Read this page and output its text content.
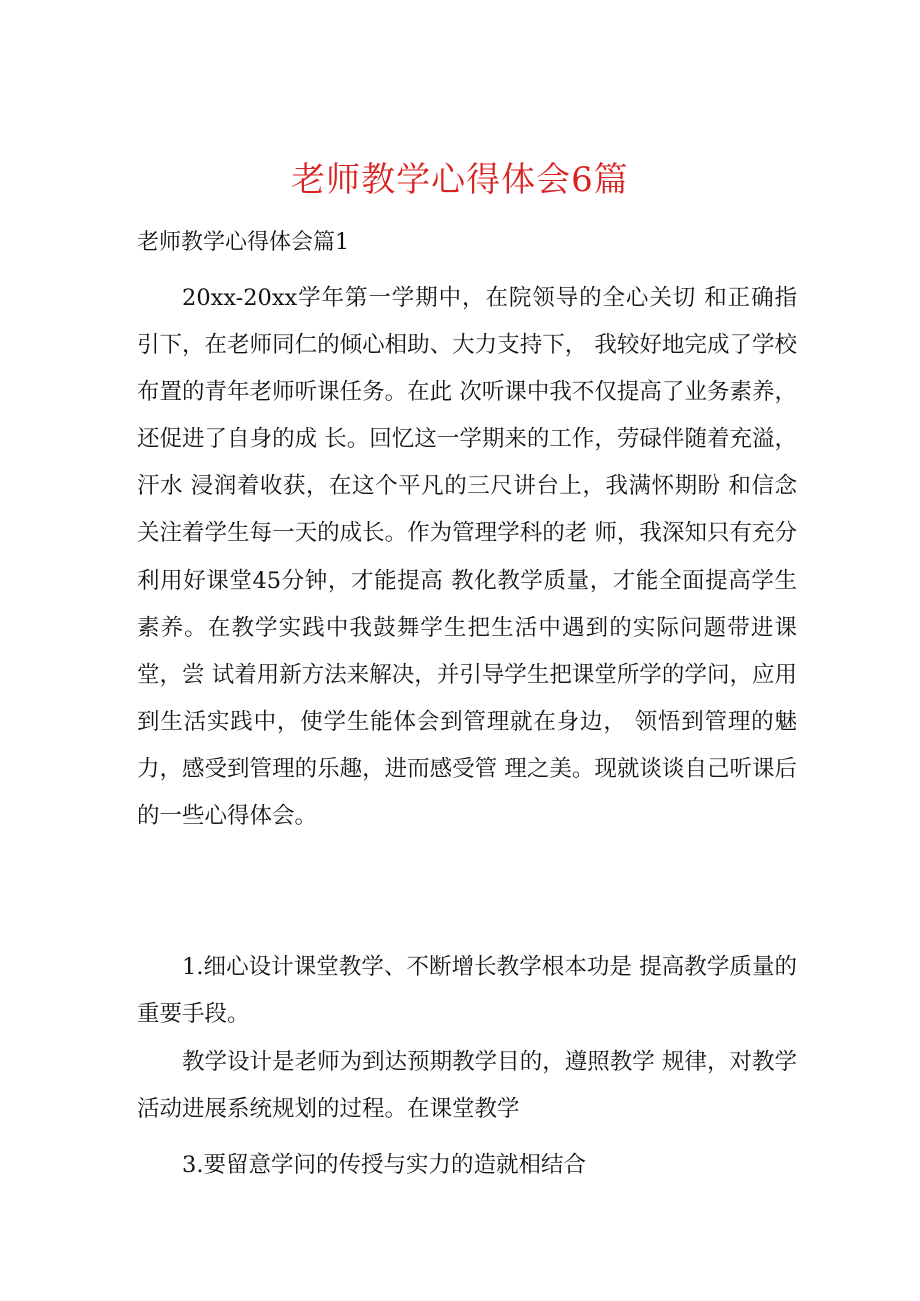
老师教学心得体会6篇
老师教学心得体会篇1

20xx-20xx学年第一学期中，在院领导的全心关切 和正确指引下，在老师同仁的倾心相助、大力支持下， 我较好地完成了学校布置的青年老师听课任务。在此 次听课中我不仅提高了业务素养，还促进了自身的成 长。回忆这一学期来的工作，劳碌伴随着充溢，汗水 浸润着收获，在这个平凡的三尺讲台上，我满怀期盼 和信念关注着学生每一天的成长。作为管理学科的老 师，我深知只有充分利用好课堂45分钟，才能提高 教化教学质量，才能全面提高学生素养。在教学实践中我鼓舞学生把生活中遇到的实际问题带进课堂，尝 试着用新方法来解决，并引导学生把课堂所学的学问，应用到生活实践中，使学生能体会到管理就在身边， 领悟到管理的魅力，感受到管理的乐趣，进而感受管 理之美。现就谈谈自己听课后的一些心得体会。

1.细心设计课堂教学、不断增长教学根本功是 提高教学质量的重要手段。

教学设计是老师为到达预期教学目的，遵照教学 规律，对教学活动进展系统规划的过程。在课堂教学

3.要留意学问的传授与实力的造就相结合
